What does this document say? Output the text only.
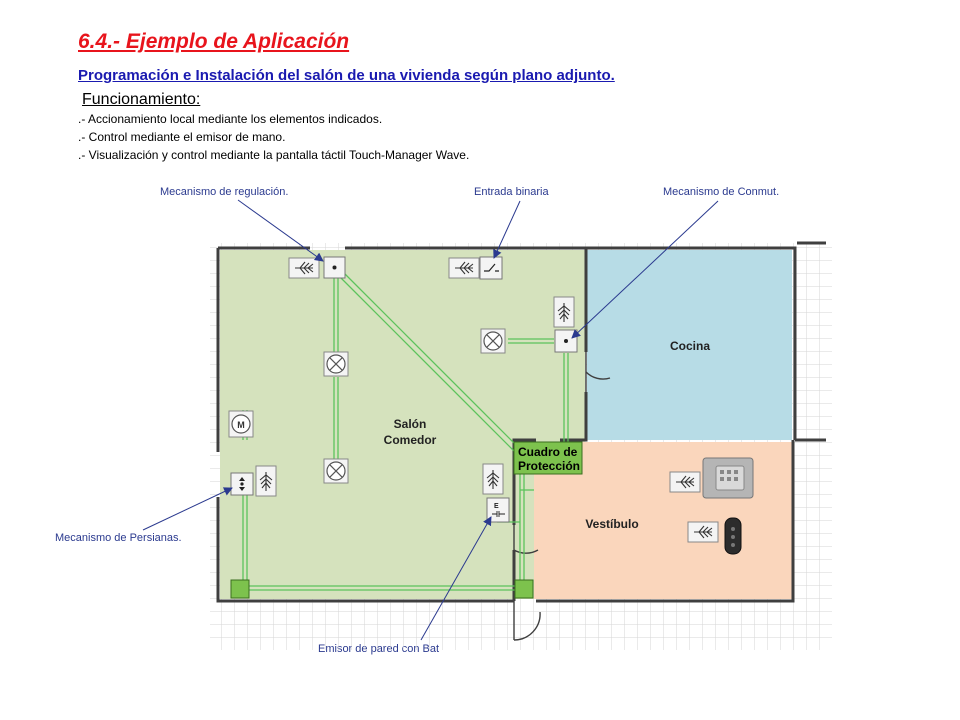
6.4.- Ejemplo de Aplicación
Programación e Instalación del salón de una vivienda según plano adjunto.
Funcionamiento:
.- Accionamiento local mediante los elementos indicados.
.- Control mediante el emisor de mano.
.- Visualización y control mediante la pantalla táctil Touch-Manager Wave.
Mecanismo de regulación.	Entrada binaria	Mecanismo de Conmut.
Mecanismo de Persianas.
M
E
Cuadro de
Protección
Salón
Comedor
Cocina
Vestíbulo
